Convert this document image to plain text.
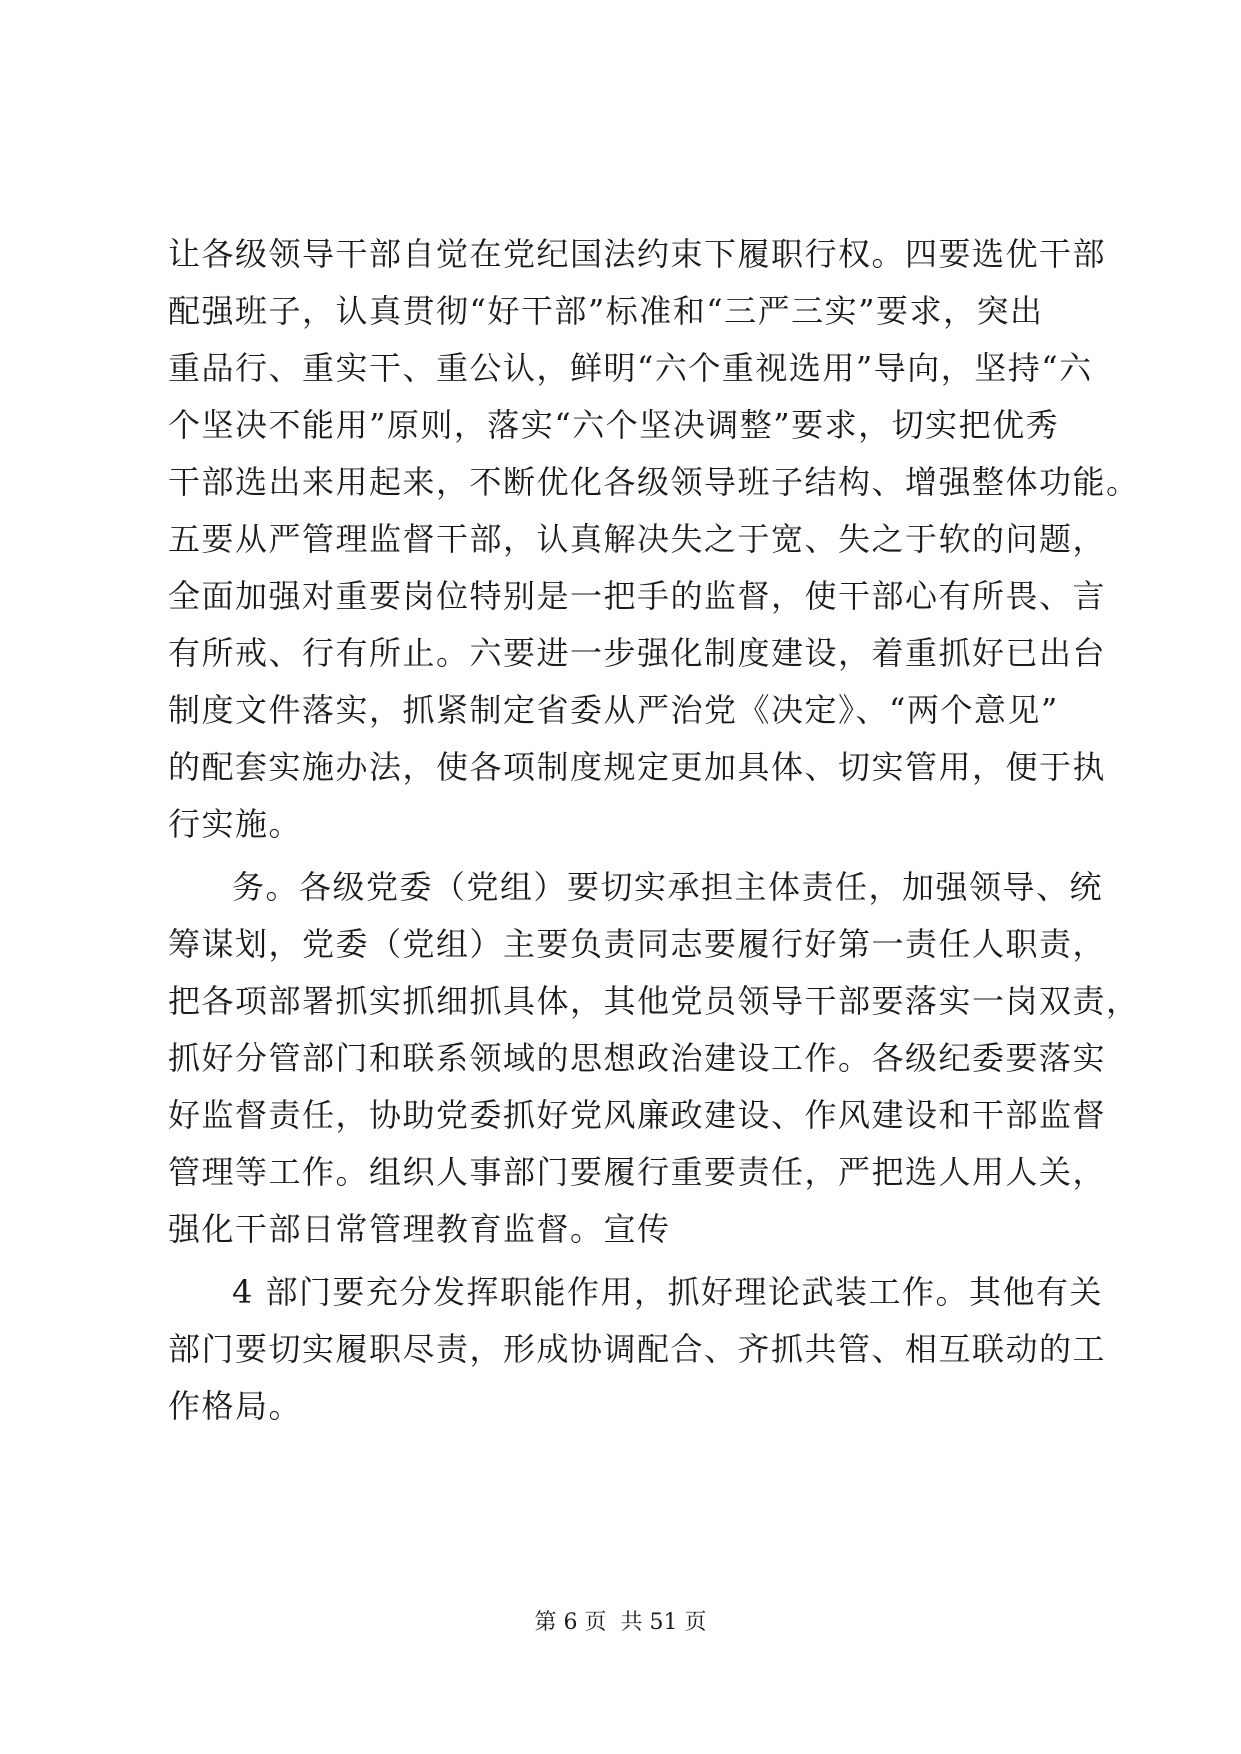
让各级领导干部自觉在党纪国法约束下履职行权。四要选优干部
配强班子，认真贯彻“好干部”标准和“三严三实”要求，突出
重品行、重实干、重公认，鲜明“六个重视选用”导向，坚持“六
个坚决不能用”原则，落实“六个坚决调整”要求，切实把优秀
干部选出来用起来，不断优化各级领导班子结构、增强整体功能。
五要从严管理监督干部，认真解决失之于宽、失之于软的问题，
全面加强对重要岗位特别是一把手的监督，使干部心有所畏、言
有所戒、行有所止。六要进一步强化制度建设，着重抓好已出台
制度文件落实，抓紧制定省委从严治党《决定》、“两个意见”
的配套实施办法，使各项制度规定更加具体、切实管用，便于执
行实施。
务。各级党委（党组）要切实承担主体责任，加强领导、统
筹谋划，党委（党组）主要负责同志要履行好第一责任人职责，
把各项部署抓实抓细抓具体，其他党员领导干部要落实一岗双责，
抓好分管部门和联系领域的思想政治建设工作。各级纪委要落实
好监督责任，协助党委抓好党风廉政建设、作风建设和干部监督
管理等工作。组织人事部门要履行重要责任，严把选人用人关，
强化干部日常管理教育监督。宣传
4 部门要充分发挥职能作用，抓好理论武装工作。其他有关
部门要切实履职尽责，形成协调配合、齐抓共管、相互联动的工
作格局。
第 6 页  共 51 页
